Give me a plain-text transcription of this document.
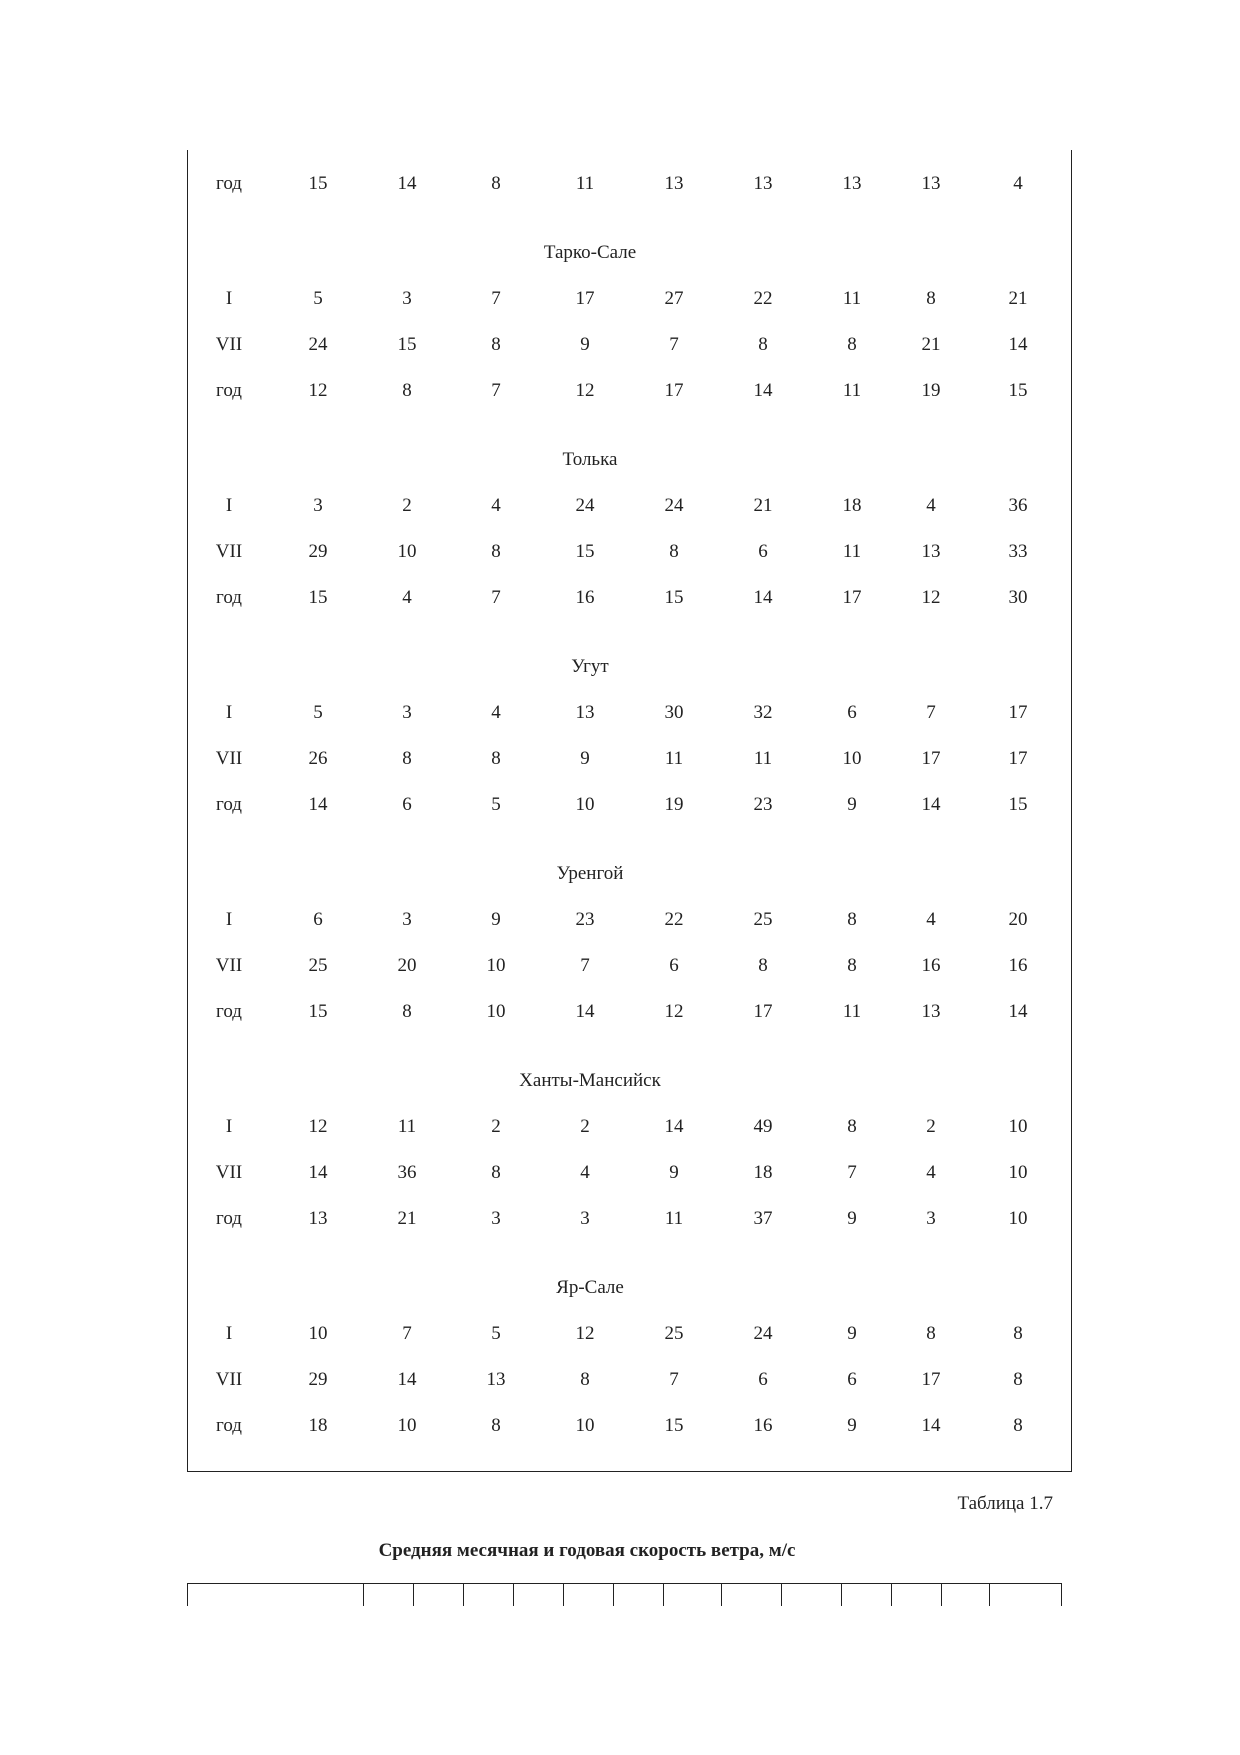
год	15	14	8	11	13	13	13	13	4
Тарко-Сале
I	5	3	7	17	27	22	11	8	21
VII	24	15	8	9	7	8	8	21	14
год	12	8	7	12	17	14	11	19	15
Толька
I	3	2	4	24	24	21	18	4	36
VII	29	10	8	15	8	6	11	13	33
год	15	4	7	16	15	14	17	12	30
Угут
I	5	3	4	13	30	32	6	7	17
VII	26	8	8	9	11	11	10	17	17
год	14	6	5	10	19	23	9	14	15
Уренгой
I	6	3	9	23	22	25	8	4	20
VII	25	20	10	7	6	8	8	16	16
год	15	8	10	14	12	17	11	13	14
Ханты-Мансийск
I	12	11	2	2	14	49	8	2	10
VII	14	36	8	4	9	18	7	4	10
год	13	21	3	3	11	37	9	3	10
Яр-Сале
I	10	7	5	12	25	24	9	8	8
VII	29	14	13	8	7	6	6	17	8
год	18	10	8	10	15	16	9	14	8
Таблица 1.7
Средняя месячная и годовая скорость ветра, м/с
